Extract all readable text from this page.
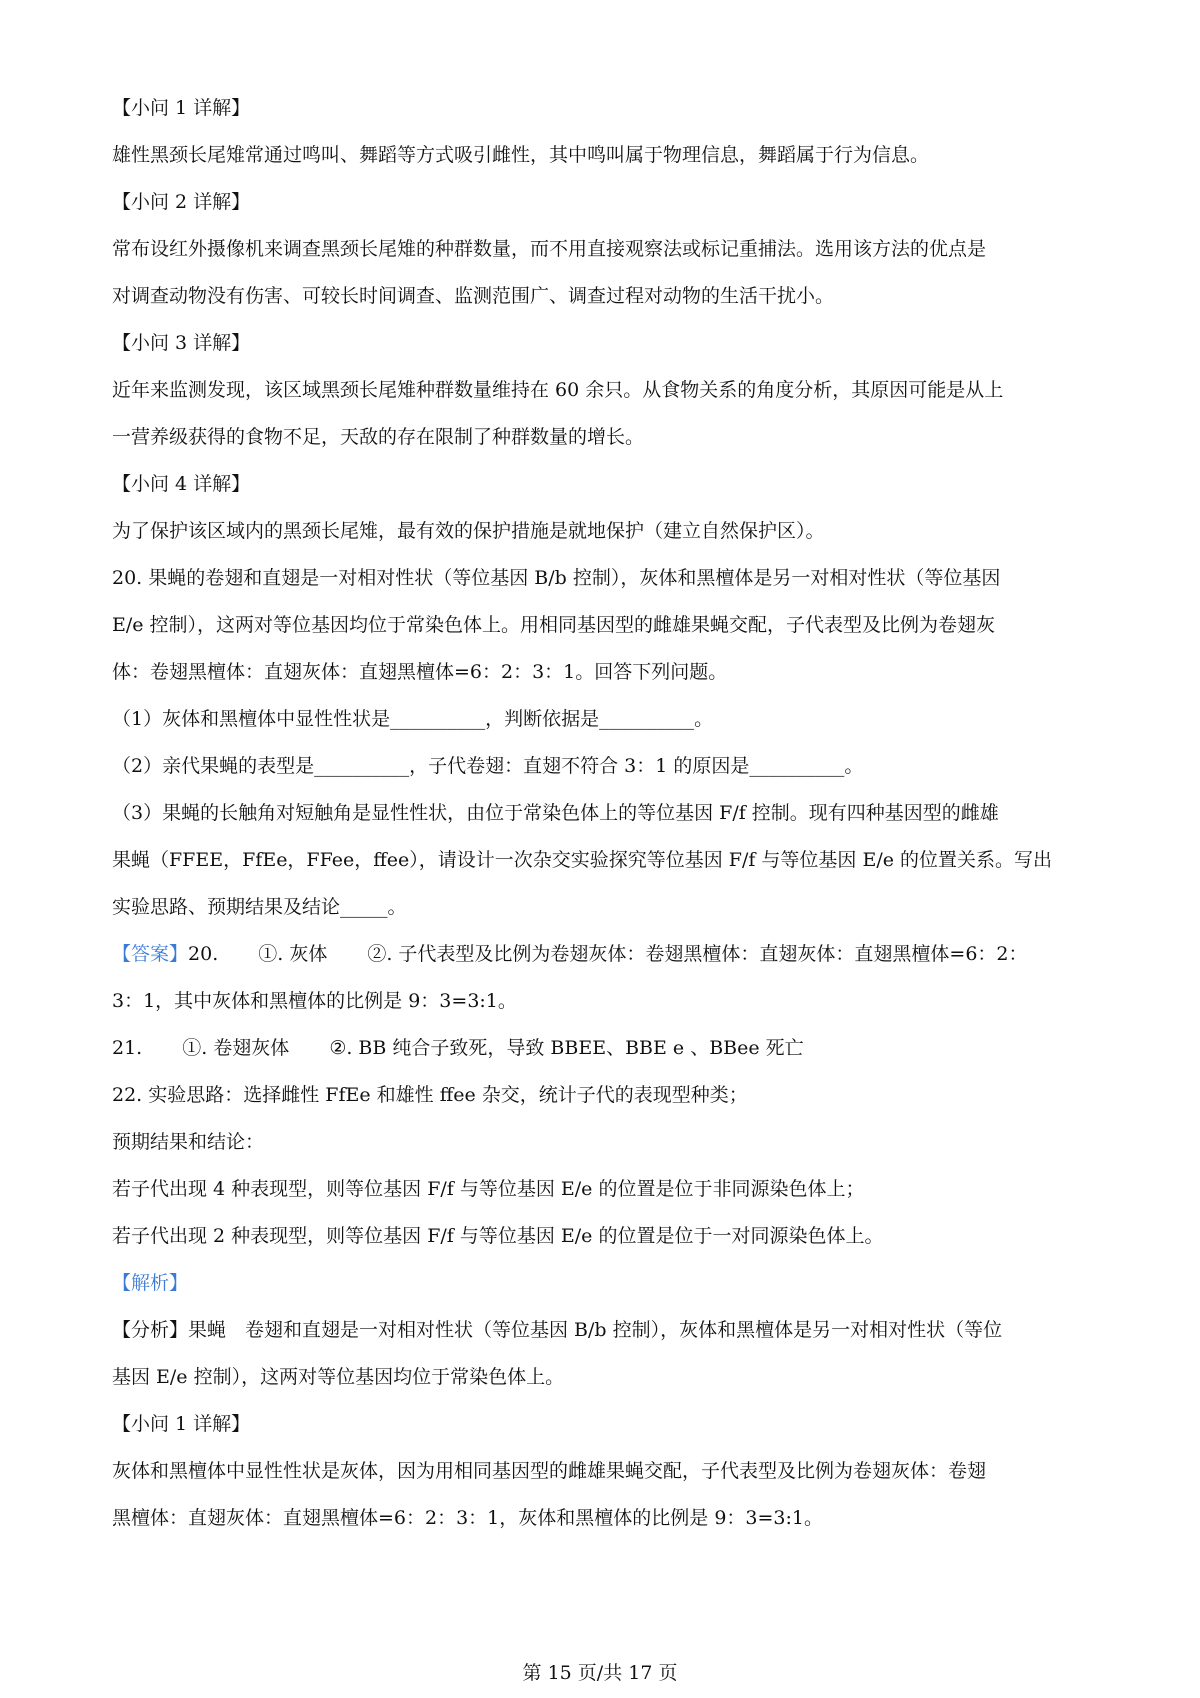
【小问 1 详解】
雄性黑颈长尾雉常通过鸣叫、舞蹈等方式吸引雌性，其中鸣叫属于物理信息，舞蹈属于行为信息。
【小问 2 详解】

常布设红外摄像机来调查黑颈长尾雉的种群数量，而不用直接观察法或标记重捕法。选用该方法的优点是

对调查动物没有伤害、可较长时间调查、监测范围广、调查过程对动物的生活干扰小。

【小问 3 详解】

近年来监测发现，该区域黑颈长尾雉种群数量维持在 60 余只。从食物关系的角度分析，其原因可能是从上

一营养级获得的食物不足，天敌的存在限制了种群数量的增长。

【小问 4 详解】
为了保护该区域内的黑颈长尾雉，最有效的保护措施是就地保护（建立自然保护区）。

20. 果蝇的卷翅和直翅是一对相对性状（等位基因 B/b 控制），灰体和黑檀体是另一对相对性状（等位基因

E/e 控制），这两对等位基因均位于常染色体上。用相同基因型的雌雄果蝇交配，子代表型及比例为卷翅灰

体：卷翅黑檀体：直翅灰体：直翅黑檀体=6：2：3：1。回答下列问题。

（1）灰体和黑檀体中显性性状是__________，判断依据是__________。
（2）亲代果蝇的表型是__________，子代卷翅：直翅不符合 3：1 的原因是__________。

（3）果蝇的长触角对短触角是显性性状，由位于常染色体上的等位基因 F/f 控制。现有四种基因型的雌雄

果蝇（FFEE，FfEe，FFee，ffee），请设计一次杂交实验探究等位基因 F/f 与等位基因 E/e 的位置关系。写出

实验思路、预期结果及结论_____。

【答案】20. ①. 灰体 ②. 子代表型及比例为卷翅灰体：卷翅黑檀体：直翅灰体：直翅黑檀体=6：2：

3：1，其中灰体和黑檀体的比例是 9：3=3:1。

21. ①. 卷翅灰体 ②. BB 纯合子致死，导致 BBEE、BBE e 、BBee 死亡
22. 实验思路：选择雌性 FfEe 和雄性 ffee 杂交，统计子代的表现型种类；
预期结果和结论：
若子代出现 4 种表现型，则等位基因 F/f 与等位基因 E/e 的位置是位于非同源染色体上；
若子代出现 2 种表现型，则等位基因 F/f 与等位基因 E/e 的位置是位于一对同源染色体上。
【解析】

【分析】果蝇　卷翅和直翅是一对相对性状（等位基因 B/b 控制），灰体和黑檀体是另一对相对性状（等位

基因 E/e 控制），这两对等位基因均位于常染色体上。

【小问 1 详解】

灰体和黑檀体中显性性状是灰体，因为用相同基因型的雌雄果蝇交配，子代表型及比例为卷翅灰体：卷翅

黑檀体：直翅灰体：直翅黑檀体=6：2：3：1，灰体和黑檀体的比例是 9：3=3:1。

第 15 页/共 17 页
